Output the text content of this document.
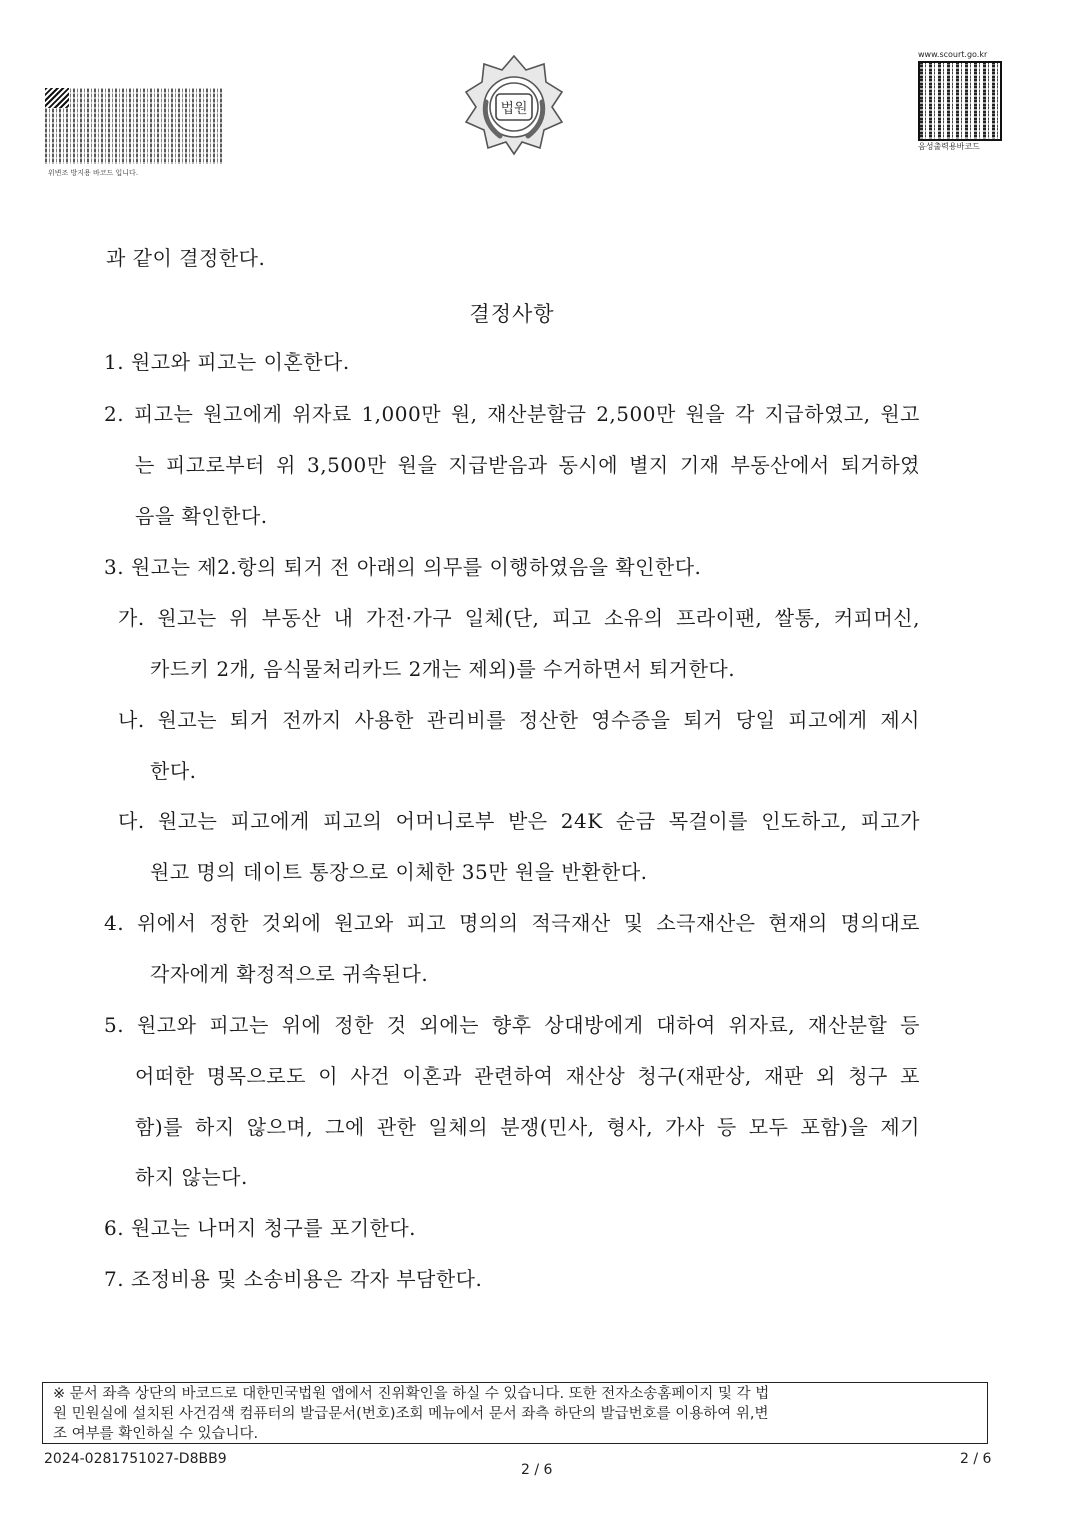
위변조 방지용 바코드 입니다.
법원
www.scourt.go.kr
음성출력용바코드
과 같이 결정한다.
결정사항
1. 원고와 피고는 이혼한다.
2. 피고는 원고에게 위자료 1,000만 원, 재산분할금 2,500만 원을 각 지급하였고, 원고
는 피고로부터 위 3,500만 원을 지급받음과 동시에 별지 기재 부동산에서 퇴거하였
음을 확인한다.
3. 원고는 제2.항의 퇴거 전 아래의 의무를 이행하였음을 확인한다.
가. 원고는 위 부동산 내 가전·가구 일체(단, 피고 소유의 프라이팬, 쌀통, 커피머신,
카드키 2개, 음식물처리카드 2개는 제외)를 수거하면서 퇴거한다.
나. 원고는 퇴거 전까지 사용한 관리비를 정산한 영수증을 퇴거 당일 피고에게 제시
한다.
다. 원고는 피고에게 피고의 어머니로부 받은 24K 순금 목걸이를 인도하고, 피고가
원고 명의 데이트 통장으로 이체한 35만 원을 반환한다.
4. 위에서 정한 것외에 원고와 피고 명의의 적극재산 및 소극재산은 현재의 명의대로
각자에게 확정적으로 귀속된다.
5. 원고와 피고는 위에 정한 것 외에는 향후 상대방에게 대하여 위자료, 재산분할 등
어떠한 명목으로도 이 사건 이혼과 관련하여 재산상 청구(재판상, 재판 외 청구 포
함)를 하지 않으며, 그에 관한 일체의 분쟁(민사, 형사, 가사 등 모두 포함)을 제기
하지 않는다.
6. 원고는 나머지 청구를 포기한다.
7. 조정비용 및 소송비용은 각자 부담한다.
※ 문서 좌측 상단의 바코드로 대한민국법원 앱에서 진위확인을 하실 수 있습니다. 또한 전자소송홈페이지 및 각 법
원 민원실에 설치된 사건검색 컴퓨터의 발급문서(번호)조회 메뉴에서 문서 좌측 하단의 발급번호를 이용하여 위,변
조 여부를 확인하실 수 있습니다.
2024-0281751027-D8BB9
2 / 6
2 / 6
